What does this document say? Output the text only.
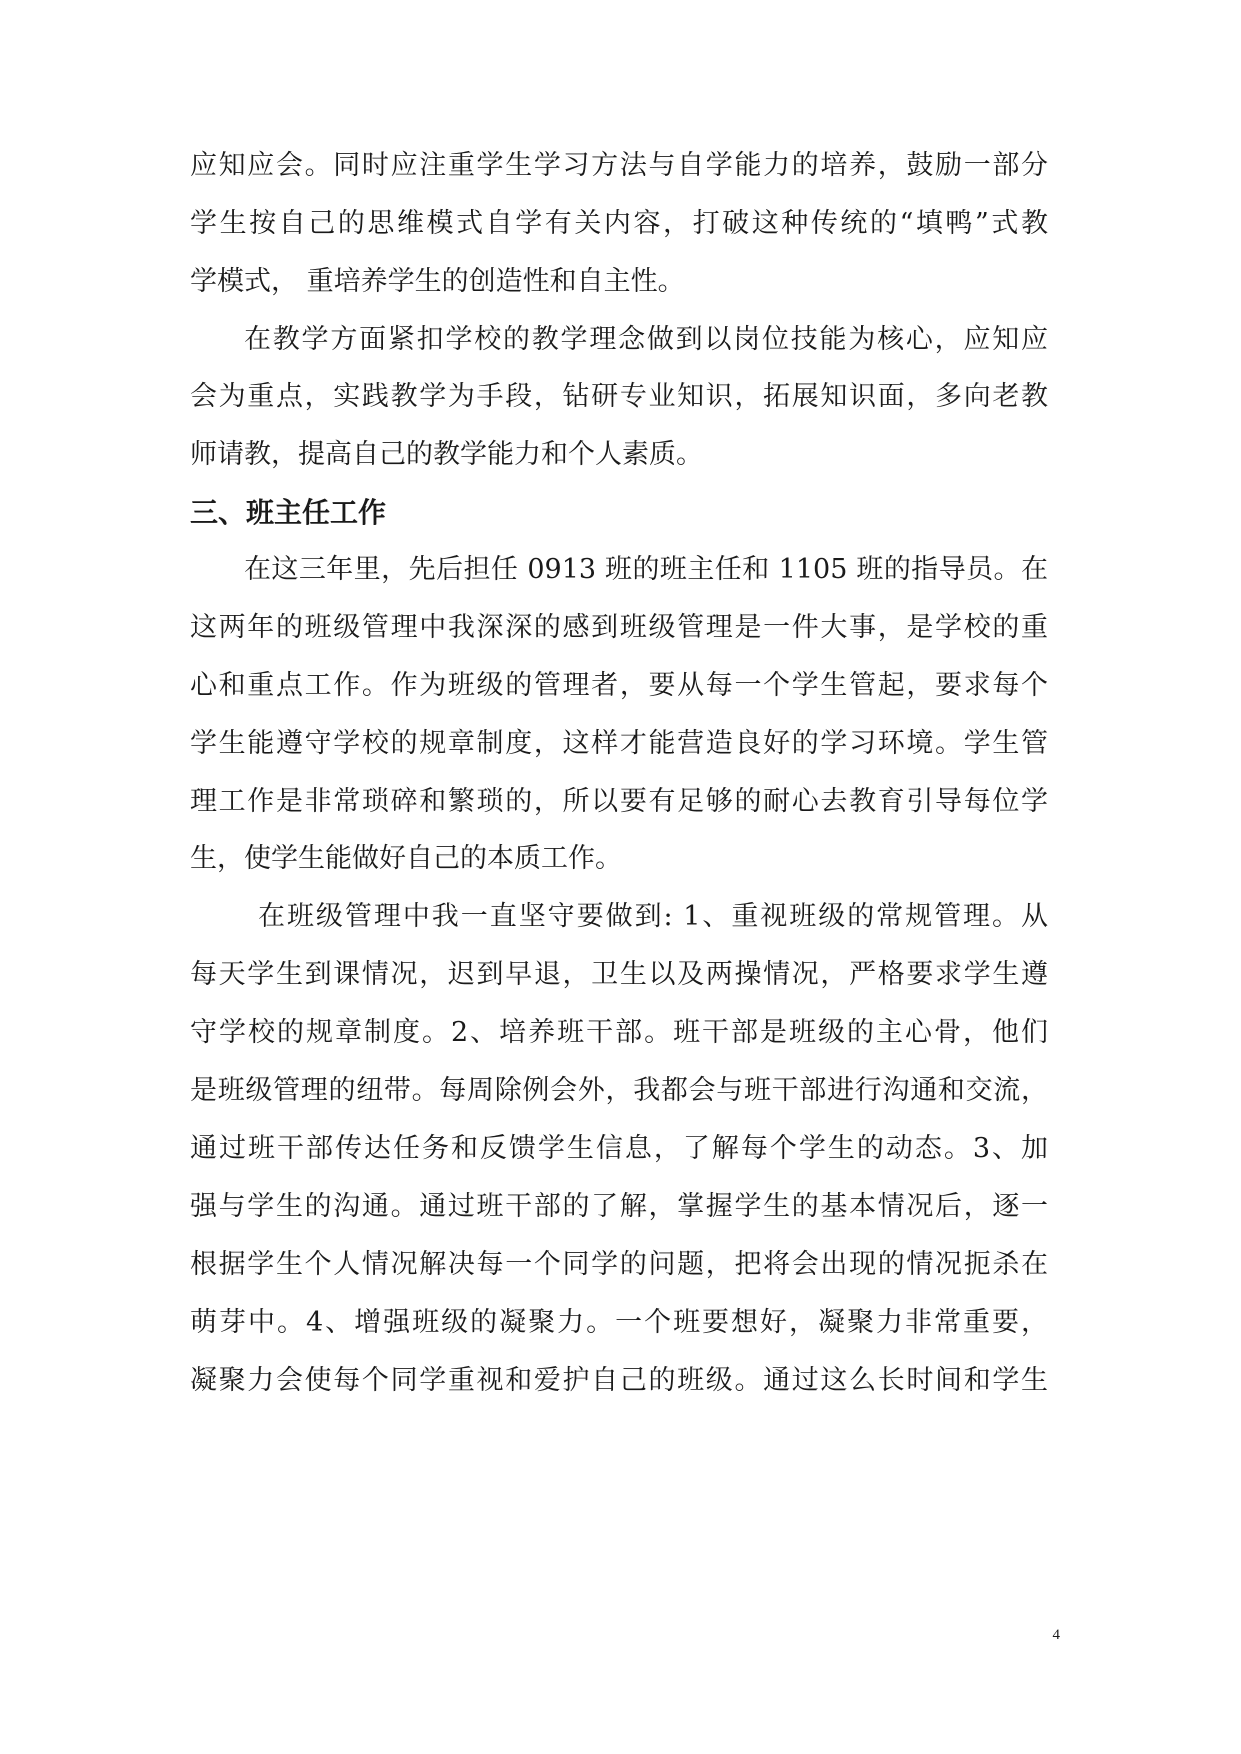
应知应会。同时应注重学生学习方法与自学能力的培养，鼓励一部分
学生按自己的思维模式自学有关内容，打破这种传统的“填鸭”式教
学模式， 重培养学生的创造性和自主性。
在教学方面紧扣学校的教学理念做到以岗位技能为核心，应知应
会为重点，实践教学为手段，钻研专业知识，拓展知识面，多向老教
师请教，提高自己的教学能力和个人素质。
三、班主任工作
在这三年里，先后担任 0913 班的班主任和 1105 班的指导员。在
这两年的班级管理中我深深的感到班级管理是一件大事，是学校的重
心和重点工作。作为班级的管理者，要从每一个学生管起，要求每个
学生能遵守学校的规章制度，这样才能营造良好的学习环境。学生管
理工作是非常琐碎和繁琐的，所以要有足够的耐心去教育引导每位学
生，使学生能做好自己的本质工作。
在班级管理中我一直坚守要做到: 1、重视班级的常规管理。从
每天学生到课情况，迟到早退，卫生以及两操情况，严格要求学生遵
守学校的规章制度。2、培养班干部。班干部是班级的主心骨，他们
是班级管理的纽带。每周除例会外，我都会与班干部进行沟通和交流，
通过班干部传达任务和反馈学生信息，了解每个学生的动态。3、加
强与学生的沟通。通过班干部的了解，掌握学生的基本情况后，逐一
根据学生个人情况解决每一个同学的问题，把将会出现的情况扼杀在
萌芽中。4、增强班级的凝聚力。一个班要想好，凝聚力非常重要，
凝聚力会使每个同学重视和爱护自己的班级。通过这么长时间和学生
4
